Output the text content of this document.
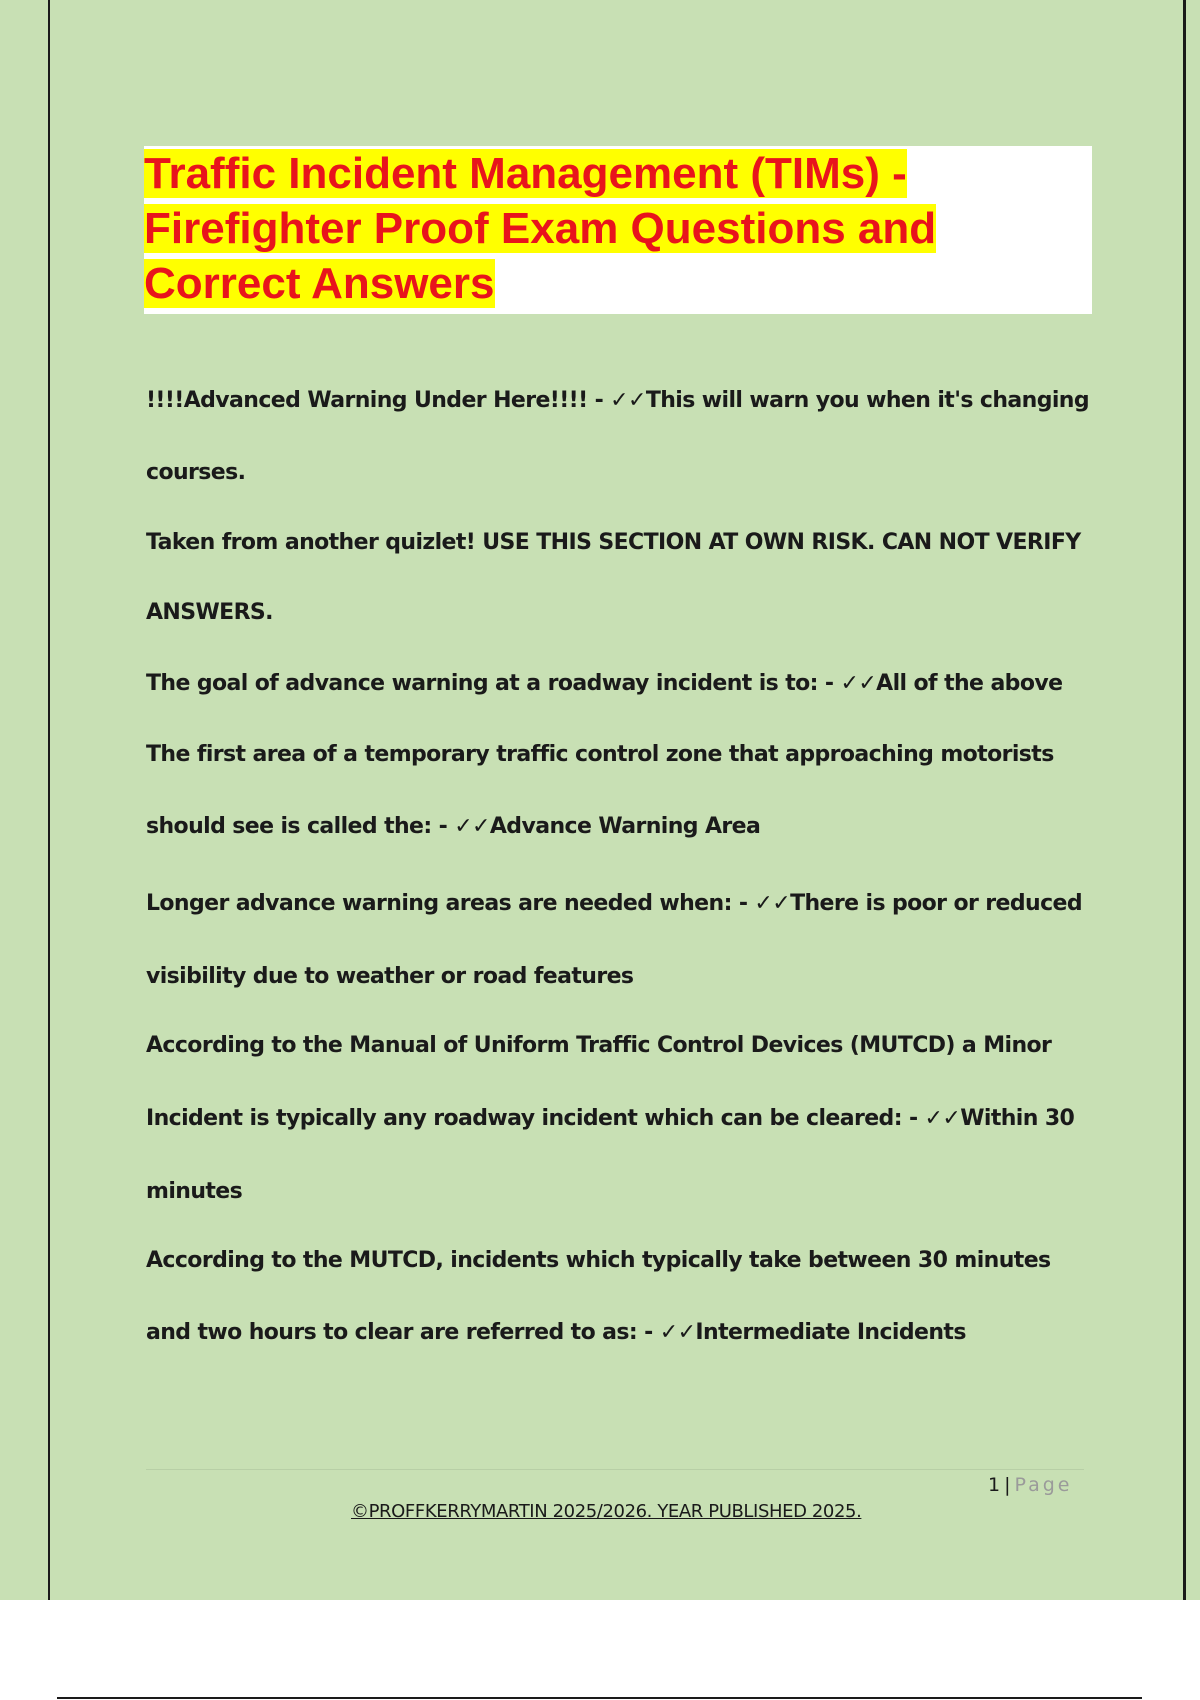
Traffic Incident Management (TIMs) -
Firefighter Proof Exam Questions and
Correct Answers
!!!!Advanced Warning Under Here!!!! - ✓✓This will warn you when it's changing
courses.
Taken from another quizlet! USE THIS SECTION AT OWN RISK. CAN NOT VERIFY
ANSWERS.
The goal of advance warning at a roadway incident is to: - ✓✓All of the above
The first area of a temporary traffic control zone that approaching motorists
should see is called the: - ✓✓Advance Warning Area
Longer advance warning areas are needed when: - ✓✓There is poor or reduced
visibility due to weather or road features
According to the Manual of Uniform Traffic Control Devices (MUTCD) a Minor
Incident is typically any roadway incident which can be cleared: - ✓✓Within 30
minutes
According to the MUTCD, incidents which typically take between 30 minutes
and two hours to clear are referred to as: - ✓✓Intermediate Incidents
1 | Page
©PROFFKERRYMARTIN 2025/2026. YEAR PUBLISHED 2025.
